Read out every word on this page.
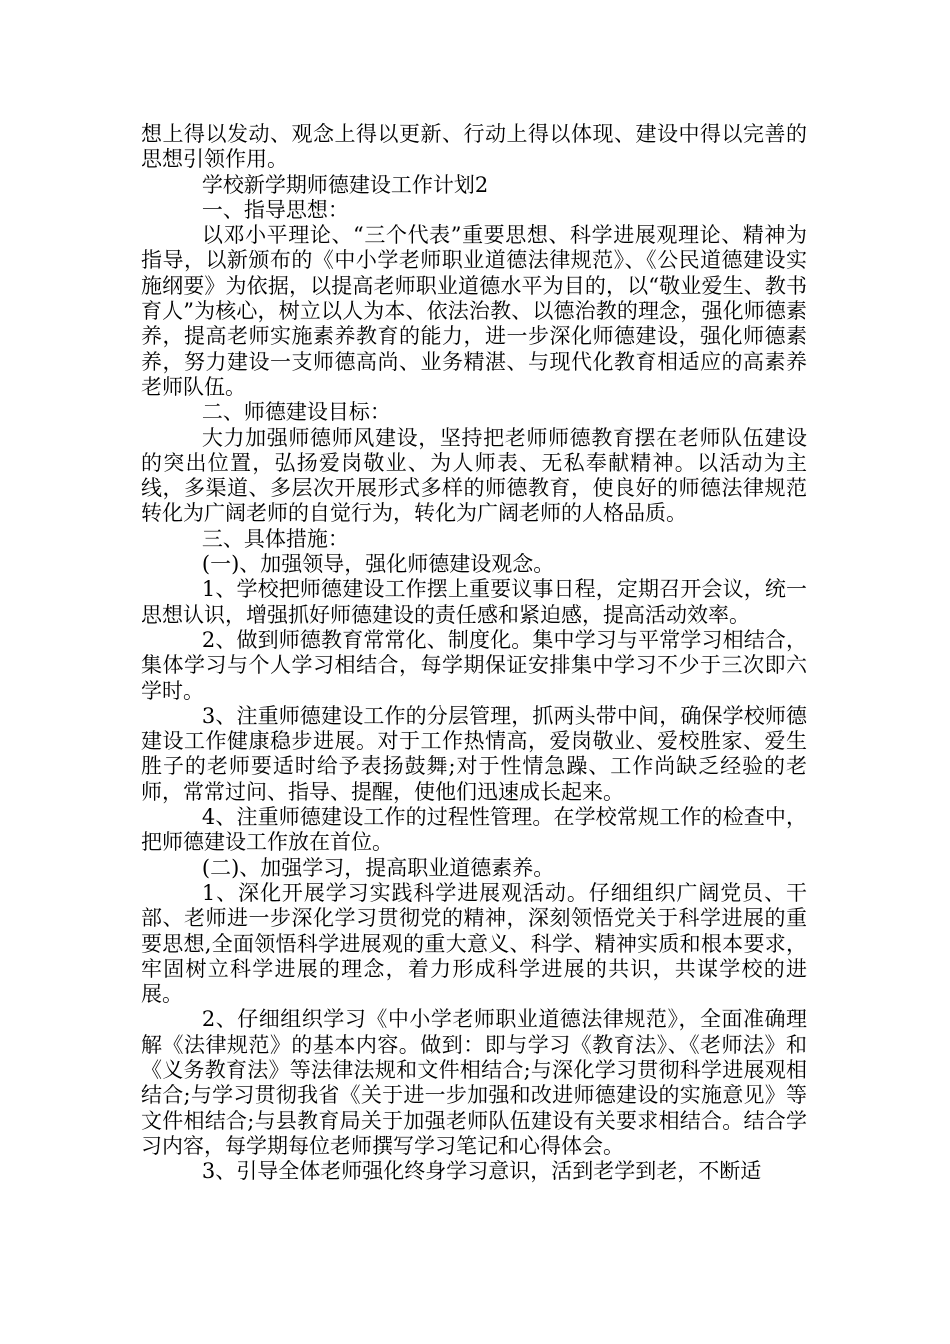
想上得以发动、观念上得以更新、行动上得以体现、建设中得以完善的思想引领作用。

学校新学期师德建设工作计划2

一、指导思想：

以邓小平理论、“三个代表”重要思想、科学进展观理论、精神为指导，以新颁布的《中小学老师职业道德法律规范》、《公民道德建设实施纲要》为依据，以提高老师职业道德水平为目的，以“敬业爱生、教书育人”为核心，树立以人为本、依法治教、以德治教的理念，强化师德素养，提高老师实施素养教育的能力，进一步深化师德建设，强化师德素养，努力建设一支师德高尚、业务精湛、与现代化教育相适应的高素养老师队伍。

二、师德建设目标：

大力加强师德师风建设，坚持把老师师德教育摆在老师队伍建设的突出位置，弘扬爱岗敬业、为人师表、无私奉献精神。以活动为主线，多渠道、多层次开展形式多样的师德教育，使良好的师德法律规范转化为广阔老师的自觉行为，转化为广阔老师的人格品质。

三、具体措施：

(一)、加强领导，强化师德建设观念。

1、学校把师德建设工作摆上重要议事日程，定期召开会议，统一思想认识，增强抓好师德建设的责任感和紧迫感，提高活动效率。

2、做到师德教育常常化、制度化。集中学习与平常学习相结合，集体学习与个人学习相结合，每学期保证安排集中学习不少于三次即六学时。

3、注重师德建设工作的分层管理，抓两头带中间，确保学校师德建设工作健康稳步进展。对于工作热情高，爱岗敬业、爱校胜家、爱生胜子的老师要适时给予表扬鼓舞;对于性情急躁、工作尚缺乏经验的老师，常常过问、指导、提醒，使他们迅速成长起来。

4、注重师德建设工作的过程性管理。在学校常规工作的检查中，把师德建设工作放在首位。

(二)、加强学习，提高职业道德素养。

1、深化开展学习实践科学进展观活动。仔细组织广阔党员、干部、老师进一步深化学习贯彻党的精神，深刻领悟党关于科学进展的重要思想,全面领悟科学进展观的重大意义、科学、精神实质和根本要求，牢固树立科学进展的理念，着力形成科学进展的共识，共谋学校的进展。

2、仔细组织学习《中小学老师职业道德法律规范》，全面准确理解《法律规范》的基本内容。做到：即与学习《教育法》、《老师法》和《义务教育法》等法律法规和文件相结合;与深化学习贯彻科学进展观相结合;与学习贯彻我省《关于进一步加强和改进师德建设的实施意见》等文件相结合;与县教育局关于加强老师队伍建设有关要求相结合。结合学习内容，每学期每位老师撰写学习笔记和心得体会。

3、引导全体老师强化终身学习意识，活到老学到老，不断适
